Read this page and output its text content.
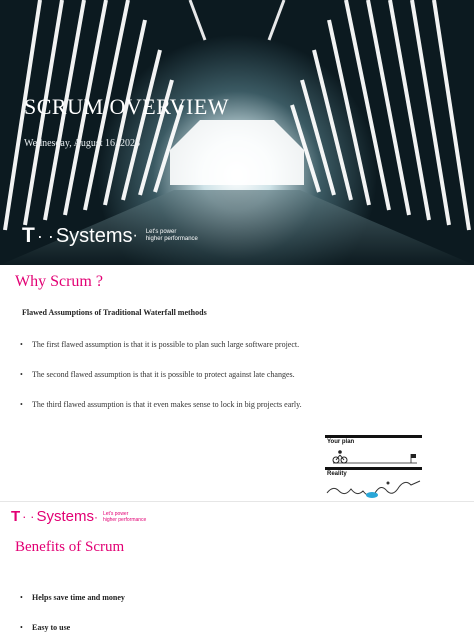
SCRUM OVERVIEW
Wednesday, August 16, 2023
T · · Systems · Let's power
higher performance
Why Scrum ?
Flawed Assumptions of Traditional Waterfall methods
•	The first flawed assumption is that it is possible to plan such large software project.
•	The second flawed assumption is that it is possible to protect against late changes.
•	The third flawed assumption is that it even makes sense to lock in big projects early.
Your plan
Reality
T · · Systems · Let's power
higher performance
Benefits of Scrum
•	Helps save time and money
•	Easy to use
